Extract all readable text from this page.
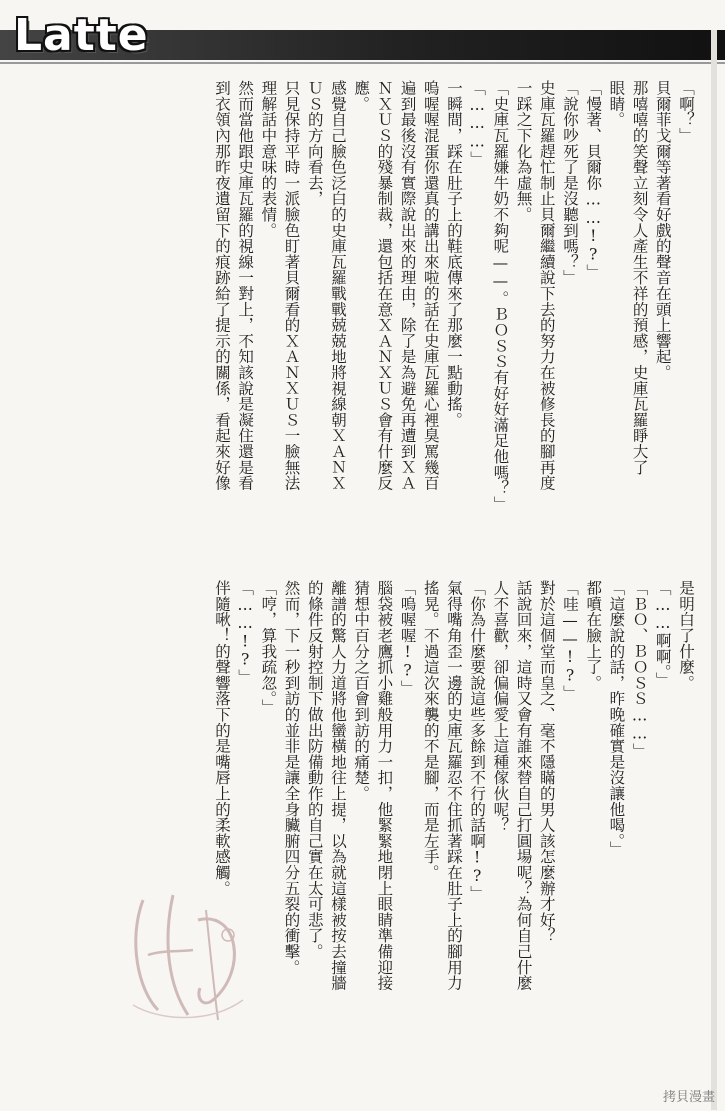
Latte

「啊？」

貝爾菲戈爾等著看好戲的聲音在頭上響起。

那嘻嘻的笑聲立刻令人產生不祥的預感，史庫瓦羅睜大了

眼睛。

「慢著、貝爾你……!?」

「說你吵死了是沒聽到嗎？」

史庫瓦羅趕忙制止貝爾繼續說下去的努力在被修長的腳再度

一踩之下化為虛無。

「史庫瓦羅嫌牛奶不夠呢——。ＢＯＳＳ有好好滿足他嗎？」

「………」

一瞬間，踩在肚子上的鞋底傳來了那麼一點動搖。

嗚喔喔混蛋你還真的講出來啦的話在史庫瓦羅心裡臭罵幾百

遍到最後沒有實際說出來的理由，除了是為避免再遭到ＸＡ

ＮＸＵＳ的殘暴制裁，還包括在意ＸＡＮＸＵＳ會有什麼反

應。

感覺自己臉色泛白的史庫瓦羅戰戰兢兢地將視線朝ＸＡＮＸ

ＵＳ的方向看去，

只見保持平時一派臉色盯著貝爾看的ＸＡＮＸＵＳ一臉無法

理解話中意味的表情。

然而當他跟史庫瓦羅的視線一對上，不知該說是凝住還是看

到衣領內那昨夜遺留下的痕跡給了提示的關係，看起來好像

是明白了什麼。

「……啊啊。」

「ＢＯ、ＢＯＳＳ……」

「這麼說的話，昨晚確實是沒讓他喝。」

都噴在臉上了。

「哇——!?」

對於這個堂而皇之、毫不隱瞞的男人該怎麼辦才好？

話說回來，這時又會有誰來替自己打圓場呢？為何自己什麼

人不喜歡，卻偏偏愛上這種傢伙呢？

「你為什麼要說這些多餘到不行的話啊!?」

氣得嘴角歪一邊的史庫瓦羅忍不住抓著踩在肚子上的腳用力

搖晃。不過這次來襲的不是腳，而是左手。

「嗚喔喔!?」

腦袋被老鷹抓小雞般用力一扣，他緊緊地閉上眼睛準備迎接

猜想中百分之百會到訪的痛楚。

離譜的驚人力道將他蠻橫地往上提，以為就這樣被按去撞牆

的條件反射控制下做出防備動作的自己實在太可悲了。

然而，下一秒到訪的並非是讓全身臟腑四分五裂的衝擊。

「哼，算我疏忽。」

「……!?」

伴隨啾！的聲響落下的是嘴唇上的柔軟感觸。

拷貝漫畫
